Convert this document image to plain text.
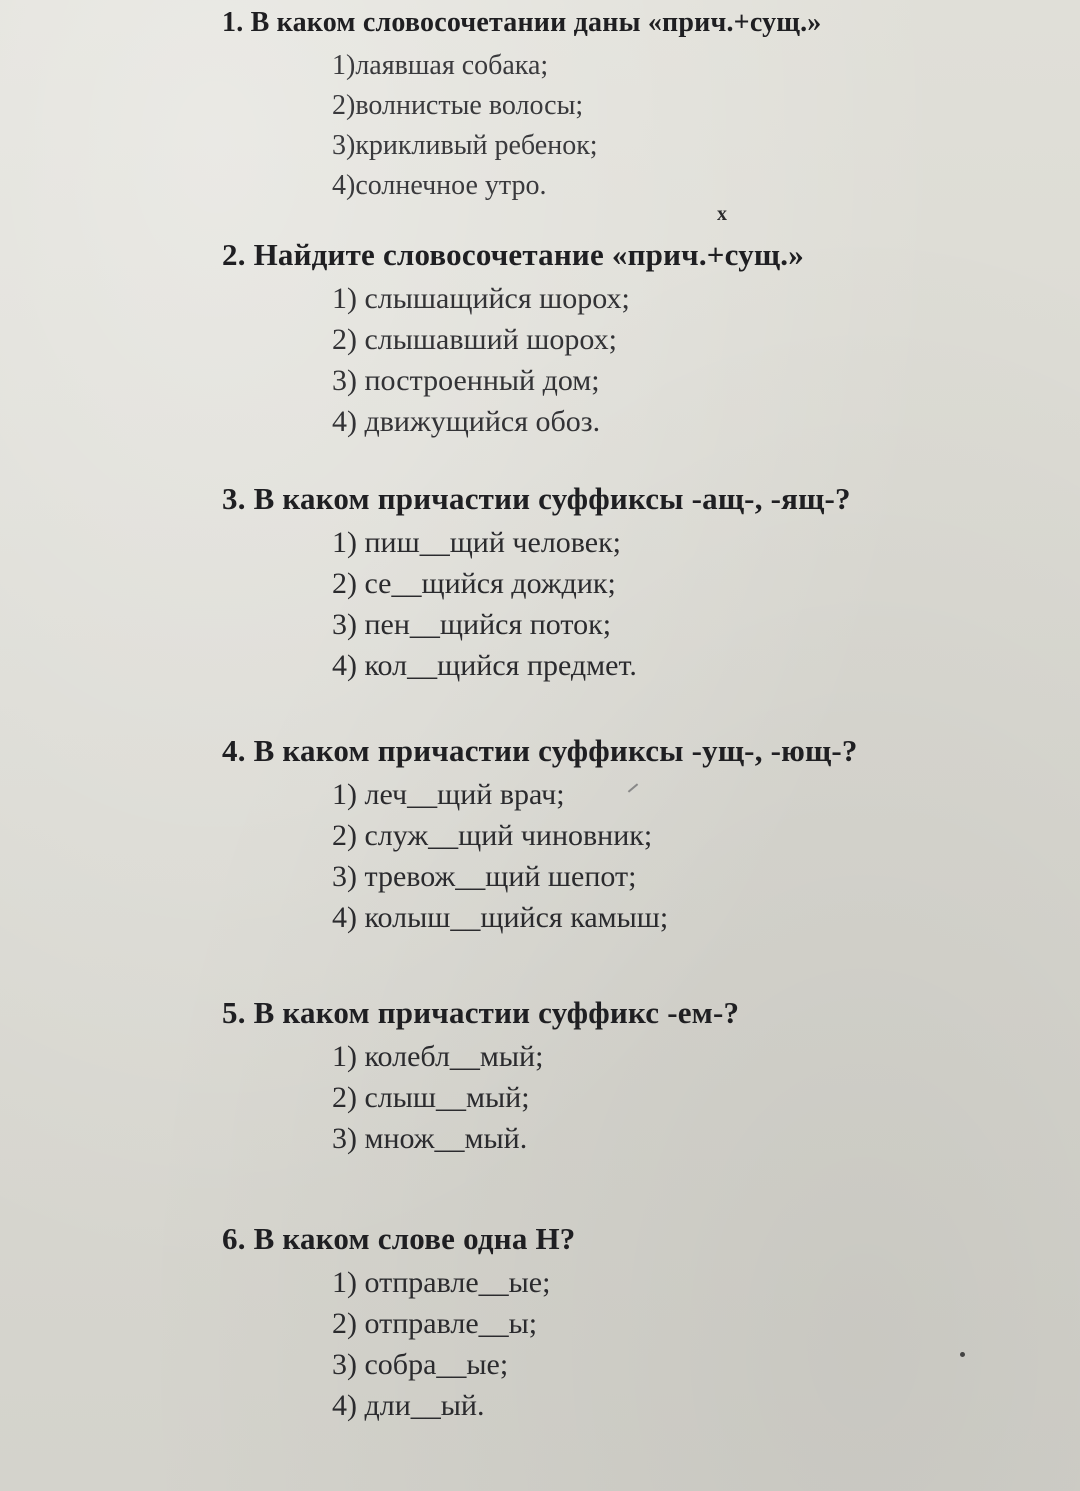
x
1. В каком словосочетании даны «прич.+сущ.»
1)лаявшая собака;
2)волнистые волосы;
3)крикливый ребенок;
4)солнечное утро.
2. Найдите словосочетание «прич.+сущ.»
1) слышащийся шорох;
2) слышавший шорох;
3) построенный дом;
4) движущийся обоз.
3. В каком причастии суффиксы -ащ-, -ящ-?
1) пиш__щий человек;
2) се__щийся дождик;
3) пен__щийся поток;
4) кол__щийся предмет.
4. В каком причастии суффиксы -ущ-, -ющ-?
1) леч__щий врач;
2) служ__щий чиновник;
3) тревож__щий шепот;
4) колыш__щийся камыш;
5. В каком причастии суффикс -ем-?
1) колебл__мый;
2) слыш__мый;
3) множ__мый.
6. В каком слове одна Н?
1) отправле__ые;
2) отправле__ы;
3) собра__ые;
4) дли__ый.
